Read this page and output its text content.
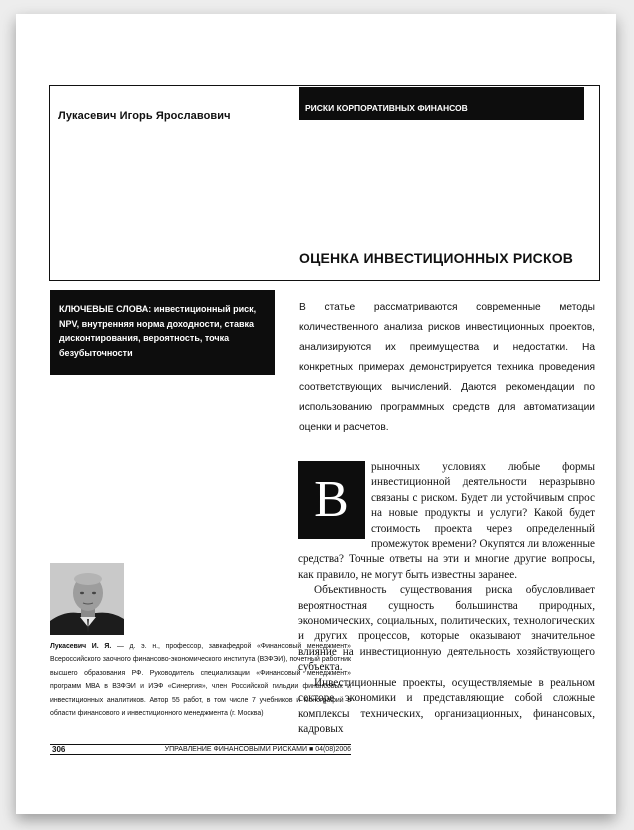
Лукасевич Игорь Ярославович
РИСКИ КОРПОРАТИВНЫХ ФИНАНСОВ
ОЦЕНКА ИНВЕСТИЦИОННЫХ РИСКОВ
КЛЮЧЕВЫЕ СЛОВА: инвестиционный риск, NPV, внутренняя норма доходности, ставка дисконтирования, вероятность, точка безубыточности
В статье рассматриваются современные методы количественного анализа рисков инвестиционных проектов, анализируются их преимущества и недостатки. На конкретных примерах демонстрируется техника проведения соответствующих вычислений. Даются рекомендации по использованию программных средств для автоматизации оценки и расчетов.
В

рыночных условиях любые формы инвестиционной деятельности неразрывно связаны с риском. Будет ли устойчивым спрос на новые продукты и услуги? Какой будет стоимость проекта через определенный промежуток времени? Окупятся ли вложенные средства? Точные ответы на эти и многие другие вопросы, как правило, не могут быть известны заранее.

Объективность существования риска обусловливает вероятностная сущность большинства природных, экономических, социальных, политических, технологических и других процессов, которые оказывают значительное влияние на инвестиционную деятельность хозяйствующего субъекта.

Инвестиционные проекты, осуществляемые в реальном секторе экономики и представляющие собой сложные комплексы технических, организационных, финансовых, кадровых

Лукасевич И. Я. — д. э. н., профессор, завкафедрой «Финансовый менеджмент» Всероссийского заочного финансово-экономического института (ВЗФЭИ), почетный работник высшего образования РФ. Руководитель специализации «Финансовый менеджмент» программ МВА в ВЗФЭИ и ИЭФ «Синергия», член Российской гильдии финансовых и инвестиционных аналитиков. Автор 55 работ, в том числе 7 учебников и монографий в области финансового и инвестиционного менеджмента (г. Москва)
306	УПРАВЛЕНИЕ ФИНАНСОВЫМИ РИСКАМИ ■ 04(08)2006
